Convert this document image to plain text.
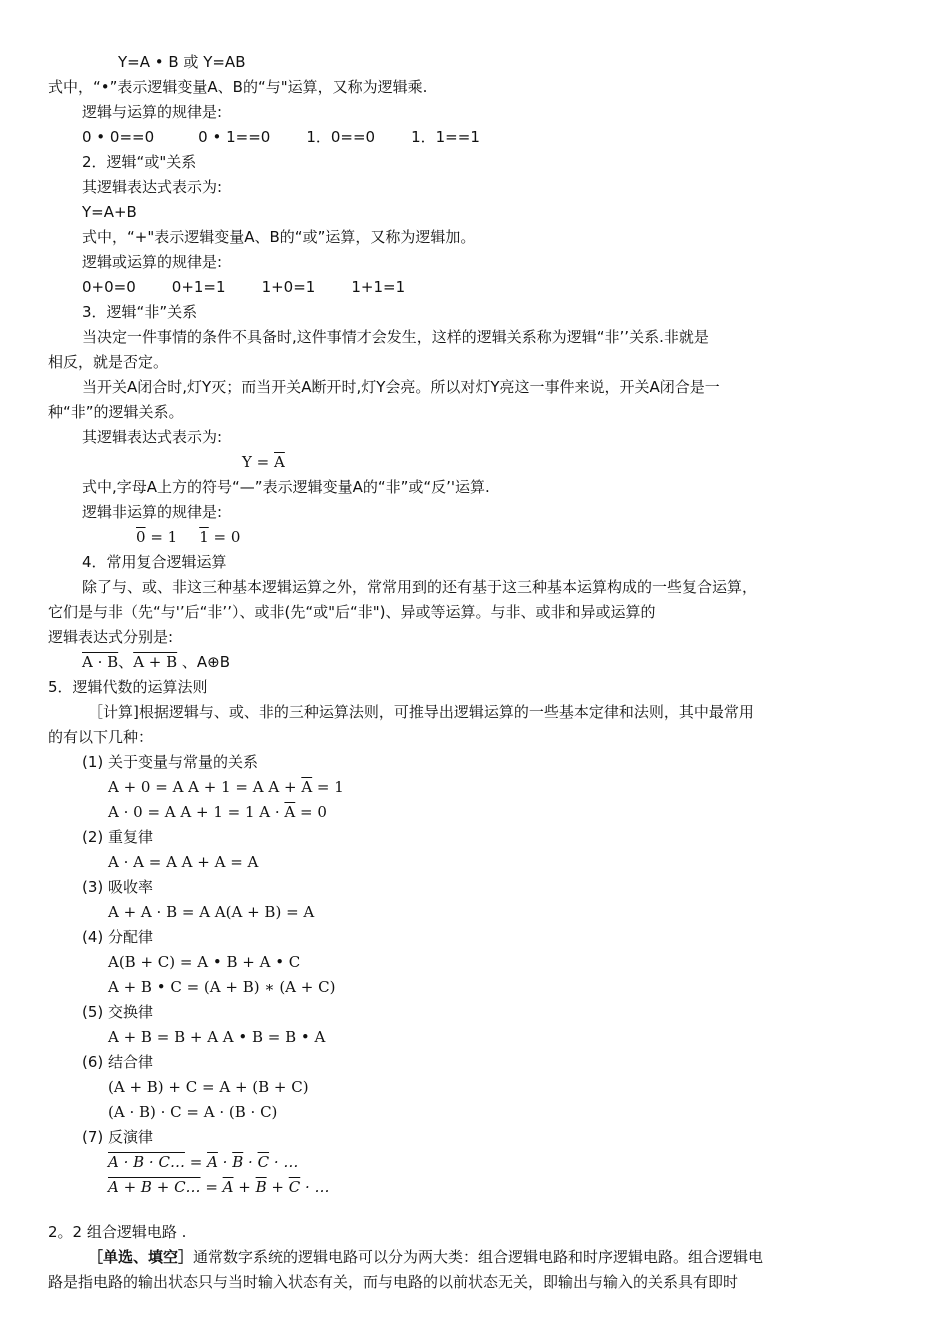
Y=A • B 或 Y=AB
式中，“•”表示逻辑变量A、B的“与"运算，又称为逻辑乘.
逻辑与运算的规律是:
0 • 0==0	0 • 1==0 1．0==0 1．1==1
2．逻辑“或"关系
其逻辑表达式表示为:
Y=A+B
式中，“+"表示逻辑变量A、B的“或”运算，又称为逻辑加。
逻辑或运算的规律是:
0+0=0 0+1=1 1+0=1 1+1=1
3．逻辑“非”关系
当决定一件事情的条件不具备时,这件事情才会发生，这样的逻辑关系称为逻辑“非’’关系.非就是
相反，就是否定。
当开关A闭合时,灯Y灭；而当开关A断开时,灯Y会亮。所以对灯Y亮这一事件来说，开关A闭合是一
种“非”的逻辑关系。
其逻辑表达式表示为:
$Y = \overline{A}$
式中,字母A上方的符号“—”表示逻辑变量A的“非”或“反’'运算.
逻辑非运算的规律是:
0 = 1 1 = 0
4．常用复合逻辑运算
除了与、或、非这三种基本逻辑运算之外，常常用到的还有基于这三种基本运算构成的一些复合运算，
它们是与非（先“与'’后“非’’）、或非(先“或"后“非")、异或等运算。与非、或非和异或运算的
逻辑表达式分别是:
A · B、A + B 、A⊕B
5．逻辑代数的运算法则
［计算]根据逻辑与、或、非的三种运算法则，可推导出逻辑运算的一些基本定律和法则，其中最常用
的有以下几种：
(1) 关于变量与常量的关系
A + 0 = A A + 1 = A $A + \overline{A} = 1$
A · 0 = A A + 1 = 1 $A \cdot \overline{A} = 0$
(2) 重复律
A · A = A A + A = A
(3) 吸收率
A + A · B = A A(A + B) = A
(4) 分配律
A(B + C) = A • B + A • C
A + B • C = (A + B) ∗ (A + C)
(5) 交换律
A + B = B + A A • B = B • A
(6) 结合律
(A + B) + C = A + (B + C)
(A · B) · C = A · (B · C)
(7) 反演律
A · B · C… = $\overline{A} \cdot \overline{B} \cdot \overline{C}$ · …
A + B + C… = $\overline{A} + \overline{B} + \overline{C}$ · …
2。2 组合逻辑电路 .
［单选、填空］通常数字系统的逻辑电路可以分为两大类：组合逻辑电路和时序逻辑电路。组合逻辑电
路是指电路的输出状态只与当时输入状态有关，而与电路的以前状态无关，即输出与输入的关系具有即时
